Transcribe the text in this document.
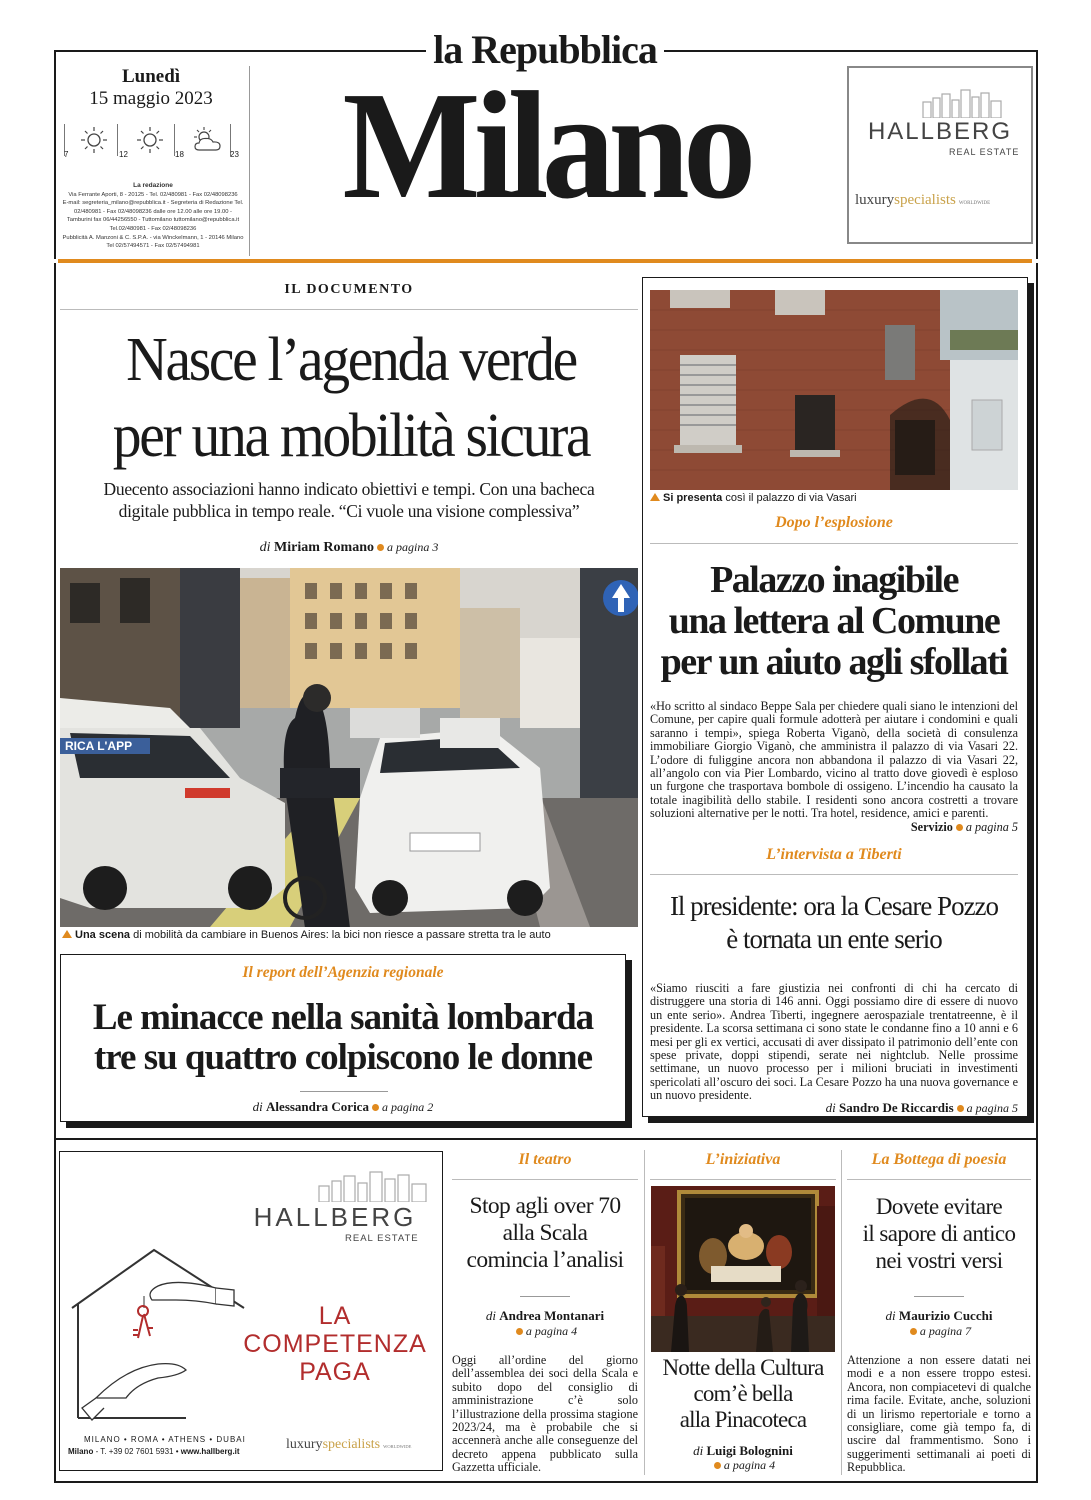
la Repubblica
Lunedì
15 maggio 2023
7	12	18	23
La redazione
Via Ferrante Aporti, 8 - 20125 - Tel. 02/480981 - Fax 02/48098236
E-mail: segreteria_milano@repubblica.it - Segreteria di Redazione Tel.
02/480981 - Fax 02/48098236 dalle ore 12.00 alle ore 19.00 -
Tamburini fax 06/44256550 - Tuttomilano tuttomilano@repubblica.it
Tel.02/480981 - Fax 02/48098236
Pubblicità A. Manzoni & C. S.P.A. - via Winckelmann, 1 - 20146 Milano
Tel 02/57494571 - Fax 02/57494981
Milano	HALLBERG
REAL ESTATE
luxuryspecialists WORLDWIDE
IL DOCUMENTO
Nasce l’agenda verde
per una mobilità sicura
Duecento associazioni hanno indicato obiettivi e tempi. Con una bacheca
digitale pubblica in tempo reale. “Ci vuole una visione complessiva”
di Miriam Romano a pagina 3
RICA L'APP
Una scena di mobilità da cambiare in Buenos Aires: la bici non riesce a passare stretta tra le auto
Il report dell’Agenzia regionale
Le minacce nella sanità lombarda
tre su quattro colpiscono le donne
di Alessandra Corica a pagina 2
Si presenta così il palazzo di via Vasari
Dopo l’esplosione
Palazzo inagibile
una lettera al Comune
per un aiuto agli sfollati
«Ho scritto al sindaco Beppe Sala per chiedere quali siano le intenzioni del Comune, per capire quali formule adotterà per aiutare i condomini e quali saranno i tempi», spiega Roberta Viganò, della società di consulenza immobiliare Giorgio Viganò, che amministra il palazzo di via Vasari 22. L’odore di fuliggine ancora non abbandona il palazzo di via Vasari 22, all’angolo con via Pier Lombardo, vicino al tratto dove giovedì è esploso un furgone che trasportava bombole di ossigeno. L’incendio ha causato la totale inagibilità dello stabile. I residenti sono ancora costretti a trovare soluzioni alternative per le notti. Tra hotel, residence, amici e parenti.
Servizio a pagina 5
L’intervista a Tiberti
Il presidente: ora la Cesare Pozzo
è tornata un ente serio
«Siamo riusciti a fare giustizia nei confronti di chi ha cercato di distruggere una storia di 146 anni. Oggi possiamo dire di essere di nuovo un ente serio». Andrea Tiberti, ingegnere aerospaziale trentatreenne, è il presidente. La scorsa settimana ci sono state le condanne fino a 10 anni e 6 mesi per gli ex vertici, accusati di aver dissipato il patrimonio dell’ente con spese private, doppi stipendi, serate nei nightclub. Nelle prossime settimane, un nuovo processo per i milioni bruciati in investimenti spericolati all’oscuro dei soci. La Cesare Pozzo ha una nuova governance e un nuovo presidente.
di Sandro De Riccardis a pagina 5
HALLBERG
REAL ESTATE
LA
COMPETENZA
PAGA
MILANO • ROMA • ATHENS • DUBAI
Milano - T. +39 02 7601 5931 • www.hallberg.it	luxuryspecialists WORLDWIDE
Il teatro
Stop agli over 70
alla Scala
comincia l’analisi
di Andrea Montanari
a pagina 4
Oggi all’ordine del giorno dell’assemblea dei soci della Scala e subito dopo del consiglio di amministrazione c’è solo l’illustrazione della prossima stagione 2023/24, ma è probabile che si accennerà anche alle conseguenze del decreto appena pubblicato sulla Gazzetta ufficiale.
L’iniziativa
Notte della Cultura
com’è bella
alla Pinacoteca
di Luigi Bolognini
a pagina 4
La Bottega di poesia
Dovete evitare
il sapore di antico
nei vostri versi
di Maurizio Cucchi
a pagina 7
Attenzione a non essere datati nei modi e a non essere troppo estesi. Ancora, non compiacetevi di qualche rima facile. Evitate, anche, soluzioni di un lirismo repertoriale e torno a consigliare, come già tempo fa, di uscire dal frammentismo. Sono i suggerimenti settimanali ai poeti di Repubblica.
